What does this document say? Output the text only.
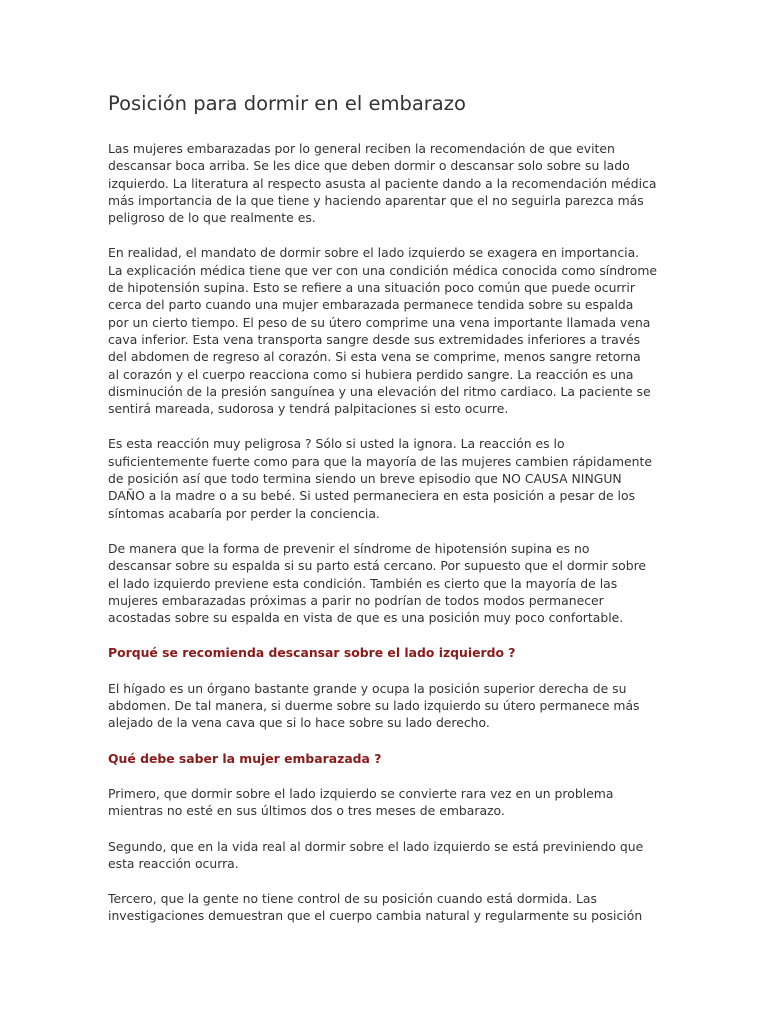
Posición para dormir en el embarazo

Las mujeres embarazadas por lo general reciben la recomendación de que eviten
descansar boca arriba. Se les dice que deben dormir o descansar solo sobre su lado
izquierdo. La literatura al respecto asusta al paciente dando a la recomendación médica
más importancia de la que tiene y haciendo aparentar que el no seguirla parezca más
peligroso de lo que realmente es.

En realidad, el mandato de dormir sobre el lado izquierdo se exagera en importancia.
La explicación médica tiene que ver con una condición médica conocida como síndrome
de hipotensión supina. Esto se refiere a una situación poco común que puede ocurrir
cerca del parto cuando una mujer embarazada permanece tendida sobre su espalda
por un cierto tiempo. El peso de su útero comprime una vena importante llamada vena
cava inferior. Esta vena transporta sangre desde sus extremidades inferiores a través
del abdomen de regreso al corazón. Si esta vena se comprime, menos sangre retorna
al corazón y el cuerpo reacciona como si hubiera perdido sangre. La reacción es una
disminución de la presión sanguínea y una elevación del ritmo cardiaco. La paciente se
sentirá mareada, sudorosa y tendrá palpitaciones si esto ocurre.

Es esta reacción muy peligrosa ? Sólo si usted la ignora. La reacción es lo
suficientemente fuerte como para que la mayoría de las mujeres cambien rápidamente
de posición así que todo termina siendo un breve episodio que NO CAUSA NINGUN
DAÑO a la madre o a su bebé. Si usted permaneciera en esta posición a pesar de los
síntomas acabaría por perder la conciencia.

De manera que la forma de prevenir el síndrome de hipotensión supina es no
descansar sobre su espalda si su parto está cercano. Por supuesto que el dormir sobre
el lado izquierdo previene esta condición. También es cierto que la mayoría de las
mujeres embarazadas próximas a parir no podrían de todos modos permanecer
acostadas sobre su espalda en vista de que es una posición muy poco confortable.

Porqué se recomienda descansar sobre el lado izquierdo ?

El hígado es un órgano bastante grande y ocupa la posición superior derecha de su
abdomen. De tal manera, si duerme sobre su lado izquierdo su útero permanece más
alejado de la vena cava que si lo hace sobre su lado derecho.

Qué debe saber la mujer embarazada ?

Primero, que dormir sobre el lado izquierdo se convierte rara vez en un problema
mientras no esté en sus últimos dos o tres meses de embarazo.

Segundo, que en la vida real al dormir sobre el lado izquierdo se está previniendo que
esta reacción ocurra.

Tercero, que la gente no tiene control de su posición cuando está dormida. Las
investigaciones demuestran que el cuerpo cambia natural y regularmente su posición
